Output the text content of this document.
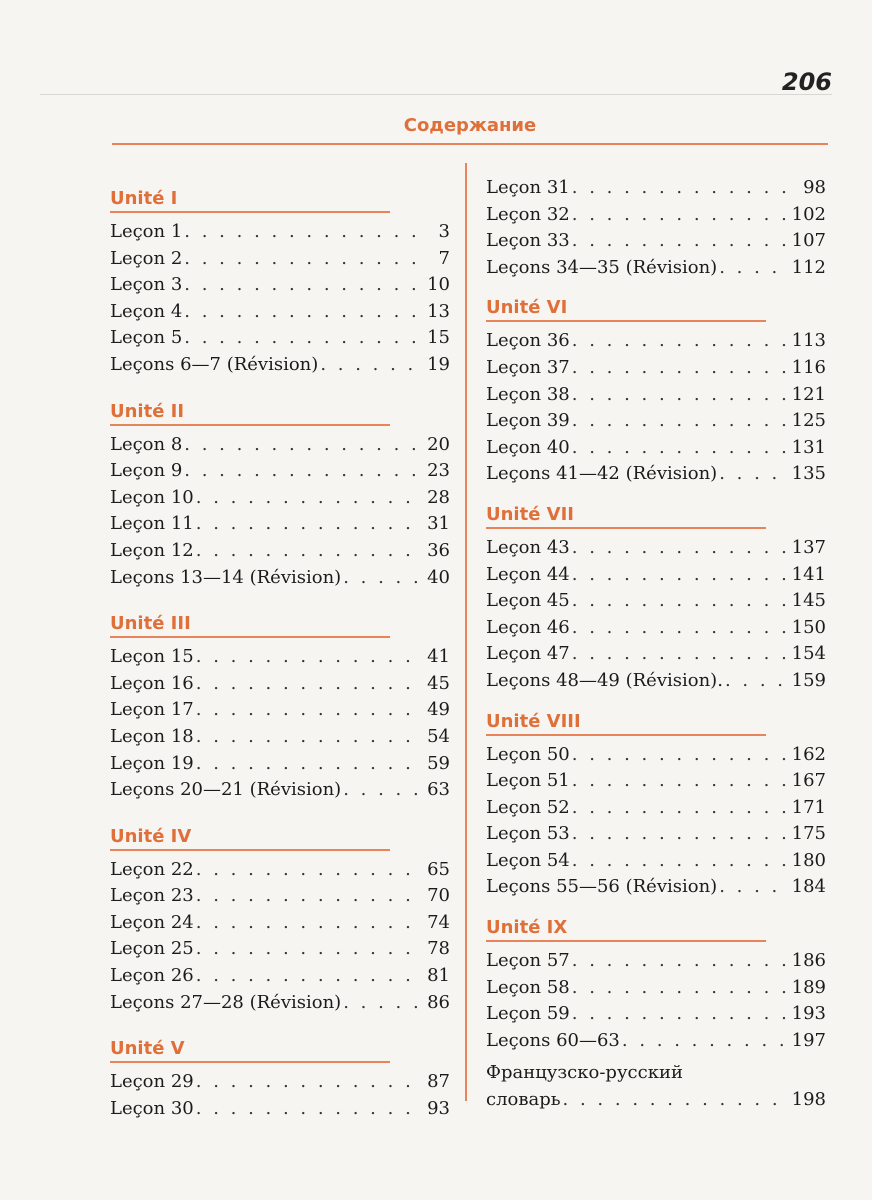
206
Содержание
Unité I
Leçon 1 . . .	3
Leçon 2 . . .	7
Leçon 3 . . .	10
Leçon 4 . . .	13
Leçon 5 . . .	15
Leçons 6—7 (Révision) . . .	19
Unité II
Leçon 8 . . .	20
Leçon 9 . . .	23
Leçon 10 . . .	28
Leçon 11 . . .	31
Leçon 12 . . .	36
Leçons 13—14 (Révision) . . .	40
Unité III
Leçon 15 . . .	41
Leçon 16 . . .	45
Leçon 17 . . .	49
Leçon 18 . . .	54
Leçon 19 . . .	59
Leçons 20—21 (Révision) . . .	63
Unité IV
Leçon 22 . . .	65
Leçon 23 . . .	70
Leçon 24 . . .	74
Leçon 25 . . .	78
Leçon 26 . . .	81
Leçons 27—28 (Révision) . . .	86
Unité V
Leçon 29 . . .	87
Leçon 30 . . .	93
Leçon 31 . . .	98
Leçon 32 . . .	102
Leçon 33 . . .	107
Leçons 34—35 (Révision) . . .	112
Unité VI
Leçon 36 . . .	113
Leçon 37 . . .	116
Leçon 38 . . .	121
Leçon 39 . . .	125
Leçon 40 . . .	131
Leçons 41—42 (Révision) . . .	135
Unité VII
Leçon 43 . . .	137
Leçon 44 . . .	141
Leçon 45 . . .	145
Leçon 46 . . .	150
Leçon 47 . . .	154
Leçons 48—49 (Révision). . . .	159
Unité VIII
Leçon 50 . . .	162
Leçon 51 . . .	167
Leçon 52 . . .	171
Leçon 53 . . .	175
Leçon 54 . . .	180
Leçons 55—56 (Révision) . . .	184
Unité IX
Leçon 57 . . .	186
Leçon 58 . . .	189
Leçon 59 . . .	193
Leçons 60—63 . . .	197
Французско-русский
словарь . . .	198
